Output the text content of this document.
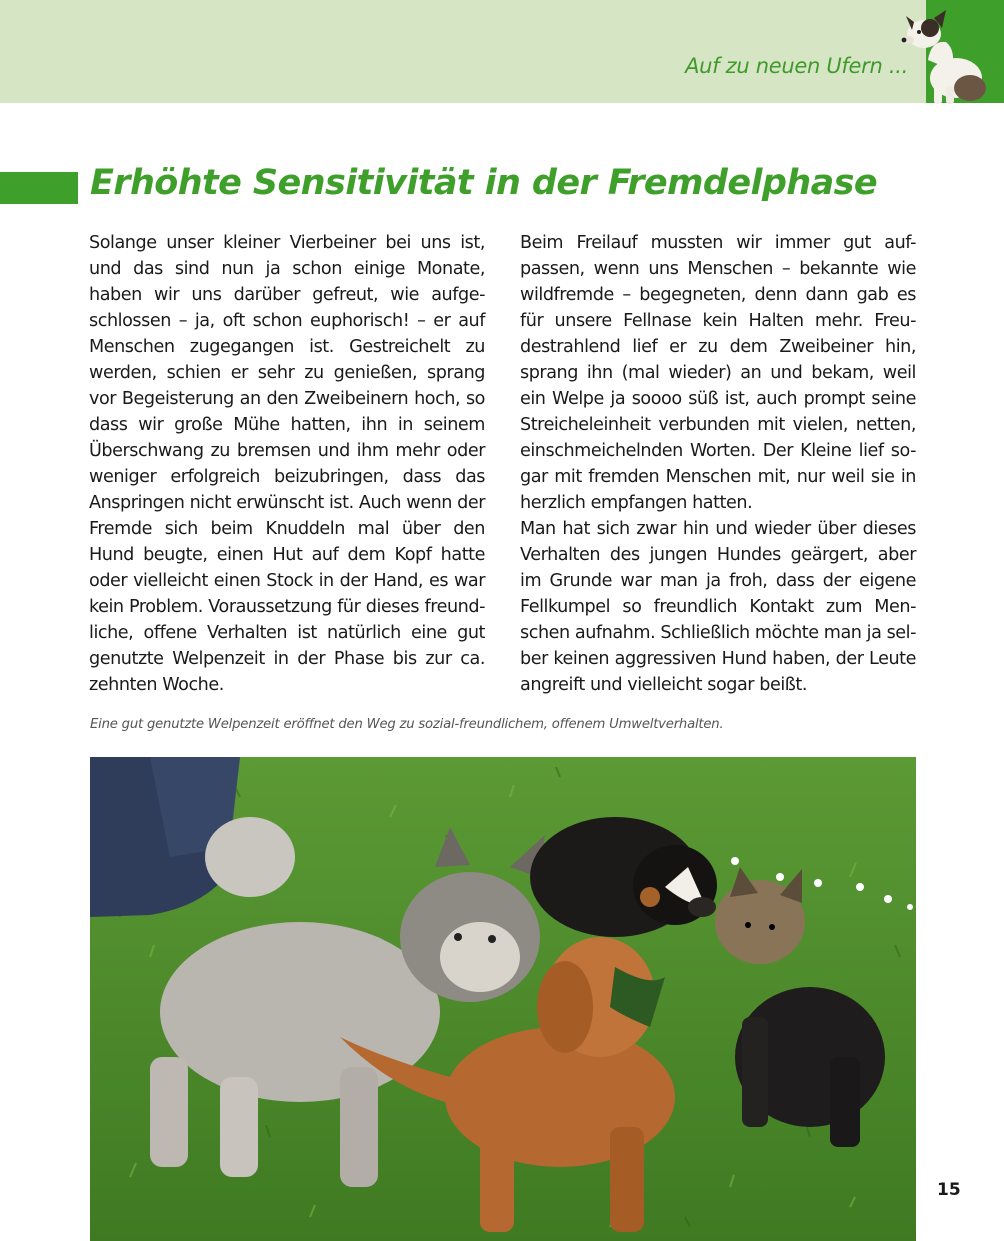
Auf zu neuen Ufern ...
Erhöhte Sensitivität in der Fremdelphase

Solange unser kleiner Vierbeiner bei uns ist, und das sind nun ja schon einige Monate, haben wir uns darüber gefreut, wie aufge-schlossen – ja, oft schon euphorisch! – er auf Menschen zugegangen ist. Gestreichelt zu werden, schien er sehr zu genießen, sprang vor Begeisterung an den Zweibeinern hoch, so dass wir große Mühe hatten, ihn in seinem Überschwang zu bremsen und ihm mehr oder weniger erfolgreich beizubringen, dass das Anspringen nicht erwünscht ist. Auch wenn der Fremde sich beim Knuddeln mal über den Hund beugte, einen Hut auf dem Kopf hatte oder vielleicht einen Stock in der Hand, es war kein Problem. Voraussetzung für dieses freund-liche, offene Verhalten ist natürlich eine gut genutzte Welpenzeit in der Phase bis zur ca. zehnten Woche.

Beim Freilauf mussten wir immer gut auf-passen, wenn uns Menschen – bekannte wie wildfremde – begegneten, denn dann gab es für unsere Fellnase kein Halten mehr. Freu-destrahlend lief er zu dem Zweibeiner hin, sprang ihn (mal wieder) an und bekam, weil ein Welpe ja soooo süß ist, auch prompt seine Streicheleinheit verbunden mit vielen, netten, einschmeichelnden Worten. Der Kleine lief so-gar mit fremden Menschen mit, nur weil sie in herzlich empfangen hatten.

Man hat sich zwar hin und wieder über dieses Verhalten des jungen Hundes geärgert, aber im Grunde war man ja froh, dass der eigene Fellkumpel so freundlich Kontakt zum Men-schen aufnahm. Schließlich möchte man ja sel-ber keinen aggressiven Hund haben, der Leute angreift und vielleicht sogar beißt.

Eine gut genutzte Welpenzeit eröffnet den Weg zu sozial-freundlichem, offenem Umweltverhalten.
15
